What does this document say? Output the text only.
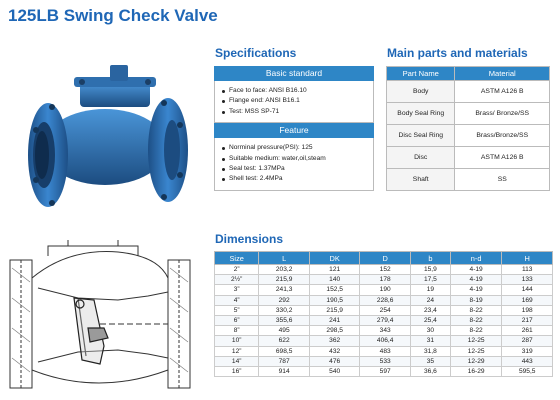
125LB Swing Check Valve
Specifications
Basic standard
Face to face: ANSI B16.10
Flange end: ANSI B16.1
Test: MSS SP-71
Feature
Norminal pressure(PSI): 125
Suitable medium: water,oil,steam
Seal test: 1.37MPa
Shell test: 2.4MPa
Main parts and materials
Part Name	Material
Body	ASTM A126 B
Body Seal Ring	Brass/ Bronze/SS
Disc Seal Ring	Brass/Bronze/SS
Disc	ASTM A126 B
Shaft	SS
Dimensions
Size	L	DK	D	b	n-d	H
2”	203,2	121	152	15,9	4-19	113
2½”	215,9	140	178	17,5	4-19	133
3”	241,3	152,5	190	19	4-19	144
4”	292	190,5	228,6	24	8-19	169
5”	330,2	215,9	254	23,4	8-22	198
6”	355,6	241	279,4	25,4	8-22	217
8”	495	298,5	343	30	8-22	261
10”	622	362	406,4	31	12-25	287
12”	698,5	432	483	31,8	12-25	319
14”	787	476	533	35	12-29	443
16”	914	540	597	36,6	16-29	595,5
